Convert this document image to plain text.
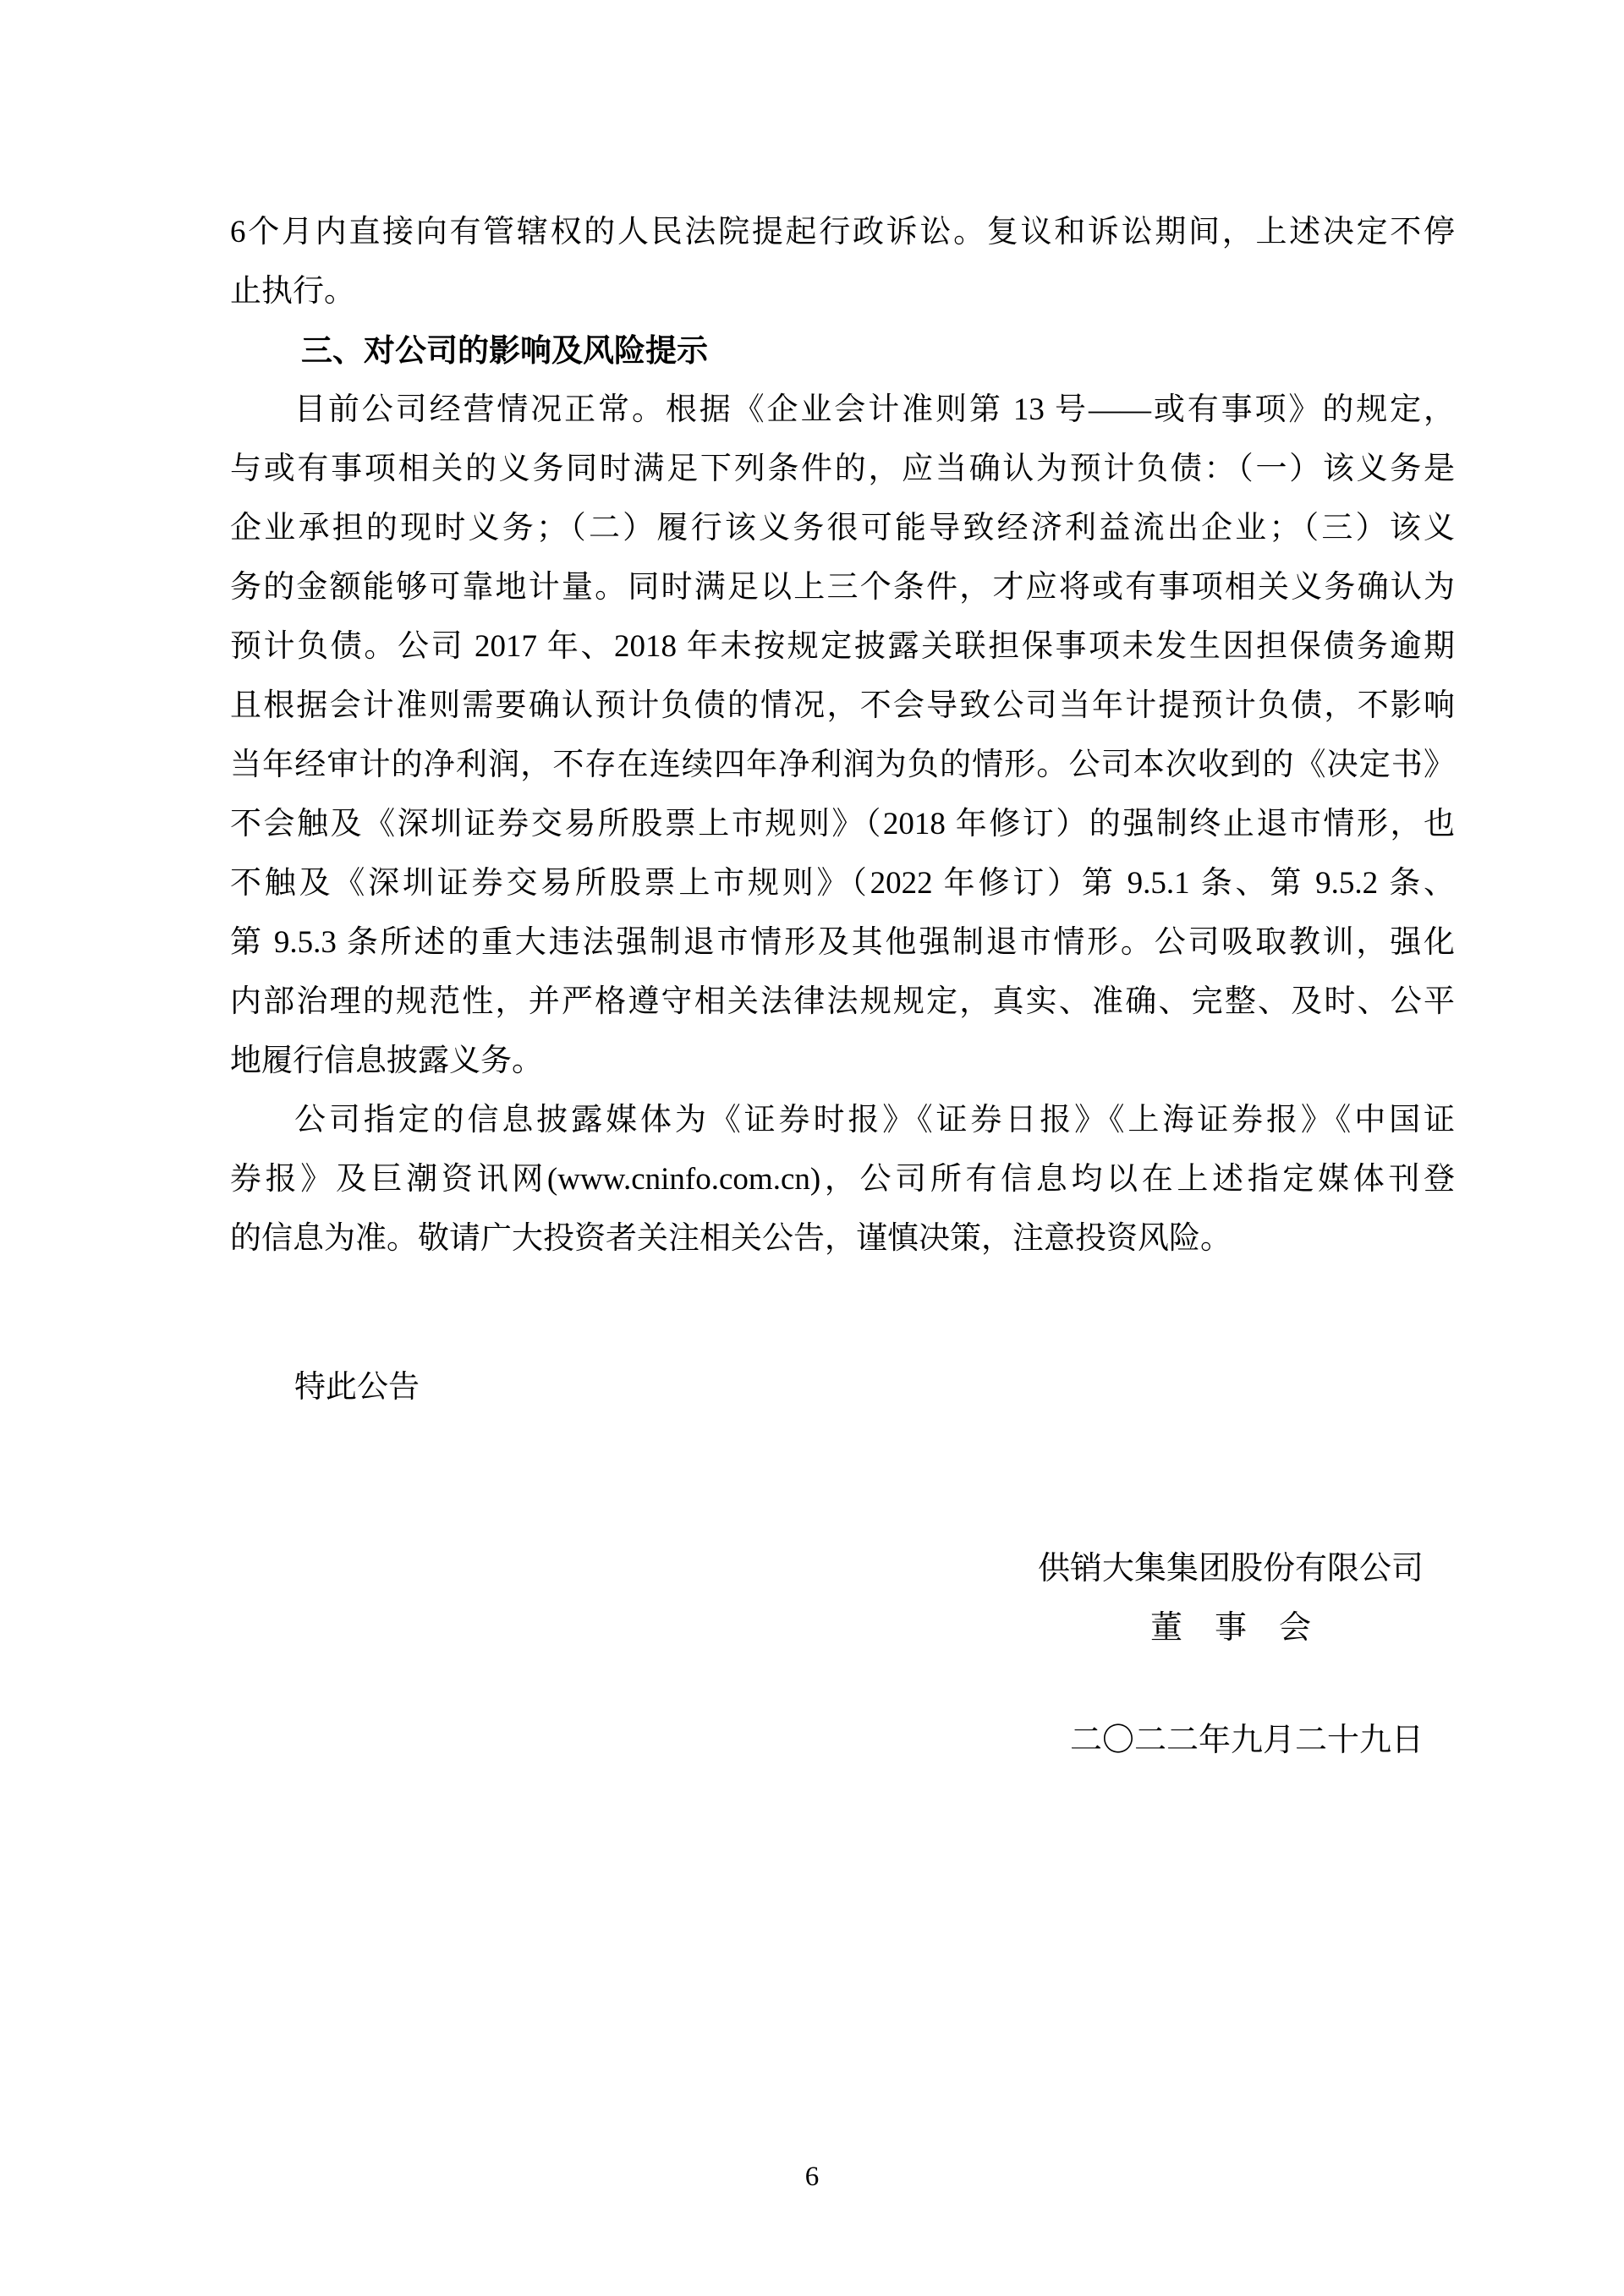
6个月内直接向有管辖权的人民法院提起行政诉讼。复议和诉讼期间，上述决定不停
止执行。
三、对公司的影响及风险提示
目前公司经营情况正常。根据《企业会计准则第 13 号——或有事项》的规定，
与或有事项相关的义务同时满足下列条件的，应当确认为预计负债：（一）该义务是
企业承担的现时义务；（二）履行该义务很可能导致经济利益流出企业；（三）该义
务的金额能够可靠地计量。同时满足以上三个条件，才应将或有事项相关义务确认为
预计负债。公司 2017 年、2018 年未按规定披露关联担保事项未发生因担保债务逾期
且根据会计准则需要确认预计负债的情况，不会导致公司当年计提预计负债，不影响
当年经审计的净利润，不存在连续四年净利润为负的情形。公司本次收到的《决定书》
不会触及《深圳证券交易所股票上市规则》（2018 年修订）的强制终止退市情形，也
不触及《深圳证券交易所股票上市规则》（2022 年修订）第 9.5.1 条、第 9.5.2 条、
第 9.5.3 条所述的重大违法强制退市情形及其他强制退市情形。公司吸取教训，强化
内部治理的规范性，并严格遵守相关法律法规规定，真实、准确、完整、及时、公平
地履行信息披露义务。
公司指定的信息披露媒体为《证券时报》《证券日报》《上海证券报》《中国证
券报》及巨潮资讯网(www.cninfo.com.cn)，公司所有信息均以在上述指定媒体刊登
的信息为准。敬请广大投资者关注相关公告，谨慎决策，注意投资风险。
特此公告
供销大集集团股份有限公司
董　事　会
二〇二二年九月二十九日
6
